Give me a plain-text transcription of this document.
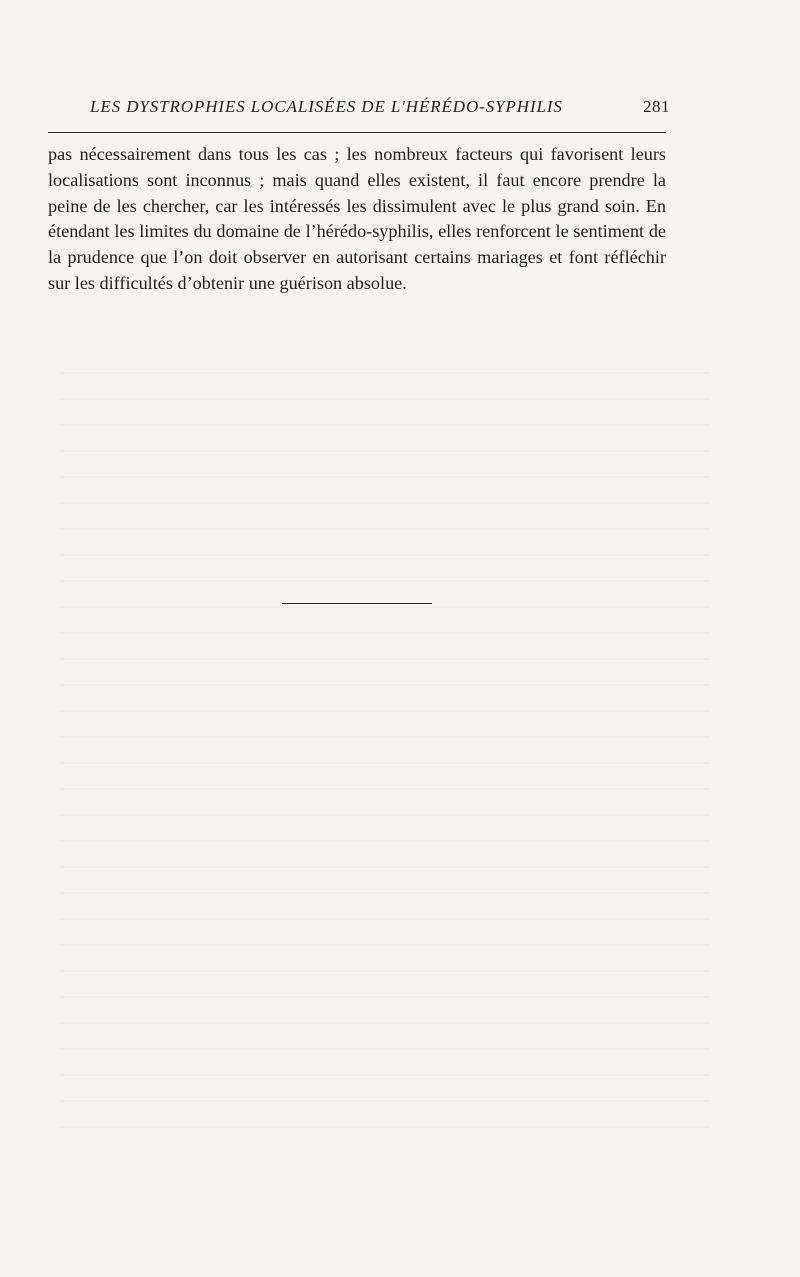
LES DYSTROPHIES LOCALISÉES DE L'HÉRÉDO-SYPHILIS	281

pas nécessairement dans tous les cas ; les nombreux facteurs qui favorisent leurs localisations sont inconnus ; mais quand elles existent, il faut encore prendre la peine de les chercher, car les intéressés les dissimulent avec le plus grand soin. En étendant les limites du domaine de l’hérédo-syphilis, elles renforcent le sentiment de la prudence que l’on doit observer en autorisant certains mariages et font réfléchir sur les difficultés d’obtenir une guérison absolue.
